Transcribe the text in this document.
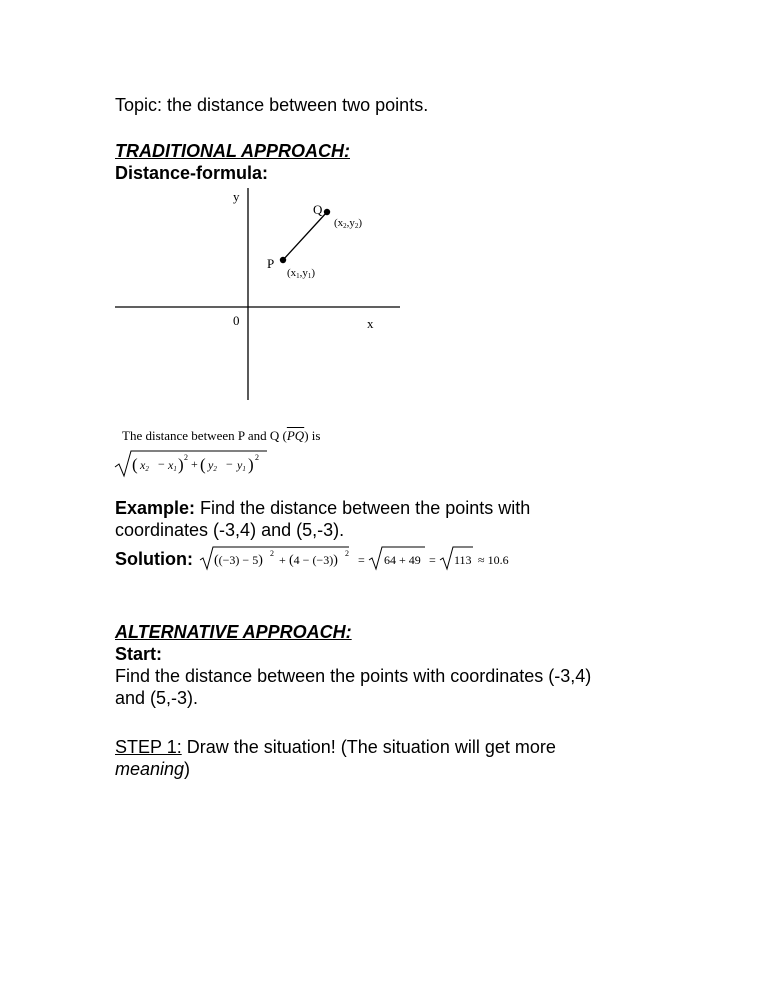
Topic: the distance between two points.
TRADITIONAL APPROACH:
Distance-formula:
y
x
0
Q
P
(x2,y2)
(x1,y1)
The distance between P and Q $(\overline{PQ})$ is
( x2 − x1 ) 2 + ( y2 − y1 ) 2
Example: Find the distance between the points with
coordinates (-3,4) and (5,-3).
Solution: ((−3) − 5) 2 + (4 − (−3)) 2 = 64 + 49 = 113 ≈ 10.6
ALTERNATIVE APPROACH:
Start:
Find the distance between the points with coordinates (-3,4)
and (5,-3).
STEP 1: Draw the situation! (The situation will get more
meaning)
